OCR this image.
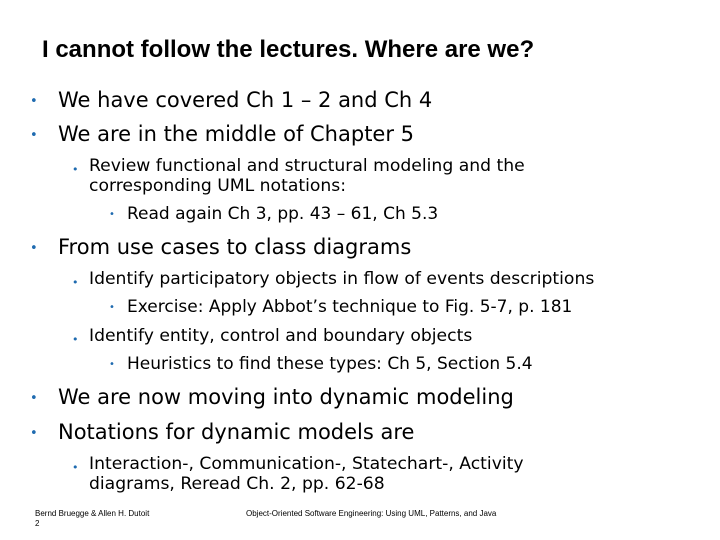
I cannot follow the lectures. Where are we?
• We have covered Ch 1 – 2 and Ch 4
• We are in the middle of Chapter 5
• Review functional and structural modeling and the
corresponding UML notations:
• Read again Ch 3, pp. 43 – 61, Ch 5.3
• From use cases to class diagrams
• Identify participatory objects in flow of events descriptions
• Exercise: Apply Abbot’s technique to Fig. 5-7, p. 181
• Identify entity, control and boundary objects
• Heuristics to find these types: Ch 5, Section 5.4
• We are now moving into dynamic modeling
• Notations for dynamic models are
• Interaction-, Communication-, Statechart-, Activity
diagrams, Reread Ch. 2, pp. 62-68
Bernd Bruegge & Allen H. Dutoit
2
Object-Oriented Software Engineering: Using UML, Patterns, and Java
